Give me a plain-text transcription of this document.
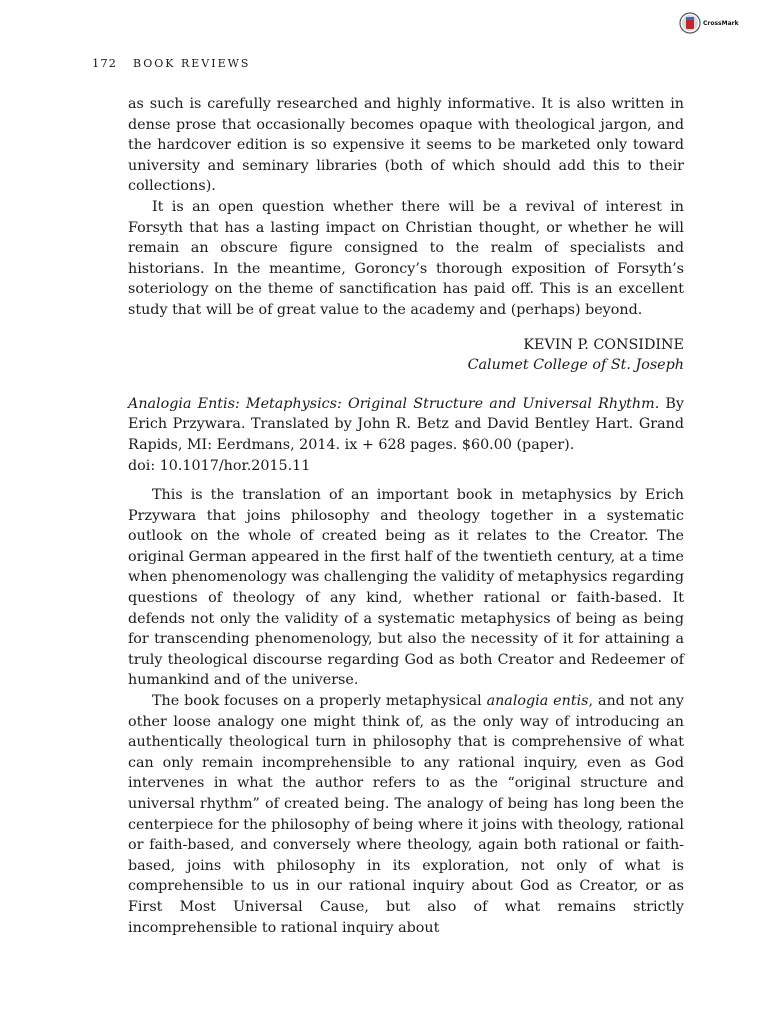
CrossMark
172 BOOK REVIEWS

as such is carefully researched and highly informative. It is also written in dense prose that occasionally becomes opaque with theological jargon, and the hardcover edition is so expensive it seems to be marketed only toward university and seminary libraries (both of which should add this to their collections).

It is an open question whether there will be a revival of interest in Forsyth that has a lasting impact on Christian thought, or whether he will remain an obscure figure consigned to the realm of specialists and historians. In the meantime, Goroncy’s thorough exposition of Forsyth’s soteriology on the theme of sanctification has paid off. This is an excellent study that will be of great value to the academy and (perhaps) beyond.

KEVIN P. CONSIDINE

Calumet College of St. Joseph

Analogia Entis: Metaphysics: Original Structure and Universal Rhythm. By Erich Przywara. Translated by John R. Betz and David Bentley Hart. Grand Rapids, MI: Eerdmans, 2014. ix + 628 pages. $60.00 (paper).

doi: 10.1017/hor.2015.11

This is the translation of an important book in metaphysics by Erich Przywara that joins philosophy and theology together in a systematic outlook on the whole of created being as it relates to the Creator. The original German appeared in the first half of the twentieth century, at a time when phenomenology was challenging the validity of metaphysics regarding questions of theology of any kind, whether rational or faith-based. It defends not only the validity of a systematic metaphysics of being as being for transcending phenomenology, but also the necessity of it for attaining a truly theological discourse regarding God as both Creator and Redeemer of humankind and of the universe.

The book focuses on a properly metaphysical analogia entis, and not any other loose analogy one might think of, as the only way of introducing an authentically theological turn in philosophy that is comprehensive of what can only remain incomprehensible to any rational inquiry, even as God intervenes in what the author refers to as the “original structure and universal rhythm” of created being. The analogy of being has long been the centerpiece for the philosophy of being where it joins with theology, rational or faith-based, and conversely where theology, again both rational or faith-based, joins with philosophy in its exploration, not only of what is comprehensible to us in our rational inquiry about God as Creator, or as First Most Universal Cause, but also of what remains strictly incomprehensible to rational inquiry about
